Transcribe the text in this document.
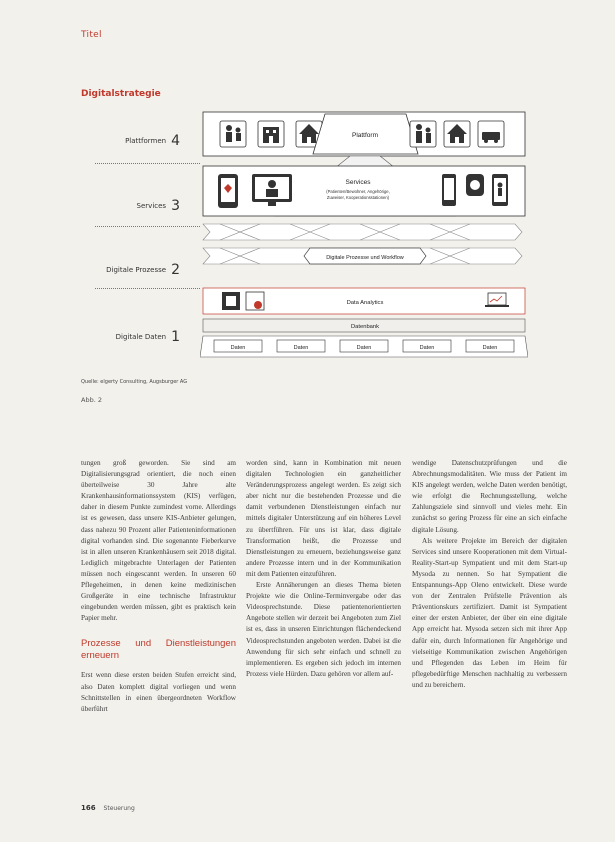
Titel
Digitalstrategie
Plattformen 4
Services 3
Digitale Prozesse 2
Digitale Daten 1
Plattform
Services
(Patienten/Bewohner, Angehörige,
Zuweiser, Kooperationsstationen)
Digitale Prozesse und Workflow
Data Analytics
Datenbank
Daten	Daten	Daten	Daten	Daten
Quelle: elgerty Consulting, Augsburger AG
Abb. 2

tungen groß geworden. Sie sind am Digitalisierungsgrad orientiert, die noch einen überteilweise 30 Jahre alte Krankenhausinformationssystem (KIS) verfügen, daher in diesem Punkte zumindest vorne. Allerdings ist es gewesen, dass unsere KIS-Anbieter gelungen, dass nahezu 90 Prozent aller Patienteninformationen digital vorhanden sind. Die sogenannte Fieberkurve ist in allen unseren Krankenhäusern seit 2018 digital. Lediglich mitgebrachte Unterlagen der Patienten müssen noch eingescannt werden. In unseren 60 Pflegeheimen, in denen keine medizinischen Großgeräte in eine technische Infrastruktur eingebunden werden müssen, gibt es praktisch kein Papier mehr.

Prozesse und Dienstleistungen erneuern

Erst wenn diese ersten beiden Stufen erreicht sind, also Daten komplett digital vorliegen und wenn Schnittstellen in einen übergeordneten Workflow überführt

worden sind, kann in Kombination mit neuen digitalen Technologien ein ganzheitlicher Veränderungsprozess angelegt werden. Es zeigt sich aber nicht nur die bestehenden Prozesse und die damit verbundenen Dienstleistungen einfach nur mittels digitaler Unterstützung auf ein höheres Level zu übertführen. Für uns ist klar, dass digitale Transformation heißt, die Prozesse und Dienstleistungen zu erneuern, beziehungsweise ganz andere Prozesse intern und in der Kommunikation mit dem Patienten einzuführen.

Erste Annäherungen an dieses Thema bieten Projekte wie die Online-Terminvergabe oder das Videosprechstunde. Diese patientenorientierten Angebote stellen wir derzeit bei Angeboten zum Ziel ist es, dass in unseren Einrichtungen flächendeckend Videosprechstunden angeboten werden. Dabei ist die Anwendung für sich sehr einfach und schnell zu implementieren. Es ergeben sich jedoch im internen Prozess viele Hürden. Dazu gehören vor allem auf-

wendige Datenschutzprüfungen und die Abrechnungsmodalitäten. Wie muss der Patient im KIS angelegt werden, welche Daten werden benötigt, wie erfolgt die Rechnungsstellung, welche Zahlungsziele sind sinnvoll und vieles mehr. Ein zunächst so gering Prozess für eine an sich einfache digitale Lösung.

Als weitere Projekte im Bereich der digitalen Services sind unsere Kooperationen mit dem Virtual-Reality-Start-up Sympatient und mit dem Start-up Mysoda zu nennen. So hat Sympatient die Entspannungs-App Oleno entwickelt. Diese wurde von der Zentralen Prüfstelle Prävention als Präventionskurs zertifiziert. Damit ist Sympatient einer der ersten Anbieter, der über ein eine digitale App erreicht hat. Mysoda setzen sich mit ihrer App dafür ein, durch Informationen für Angehörige und vielseitige Kommunikation zwischen Angehörigen und Pflegenden das Leben im Heim für pflegebedürftige Menschen nachhaltig zu verbessern und zu bereichern.

166 Steuerung
